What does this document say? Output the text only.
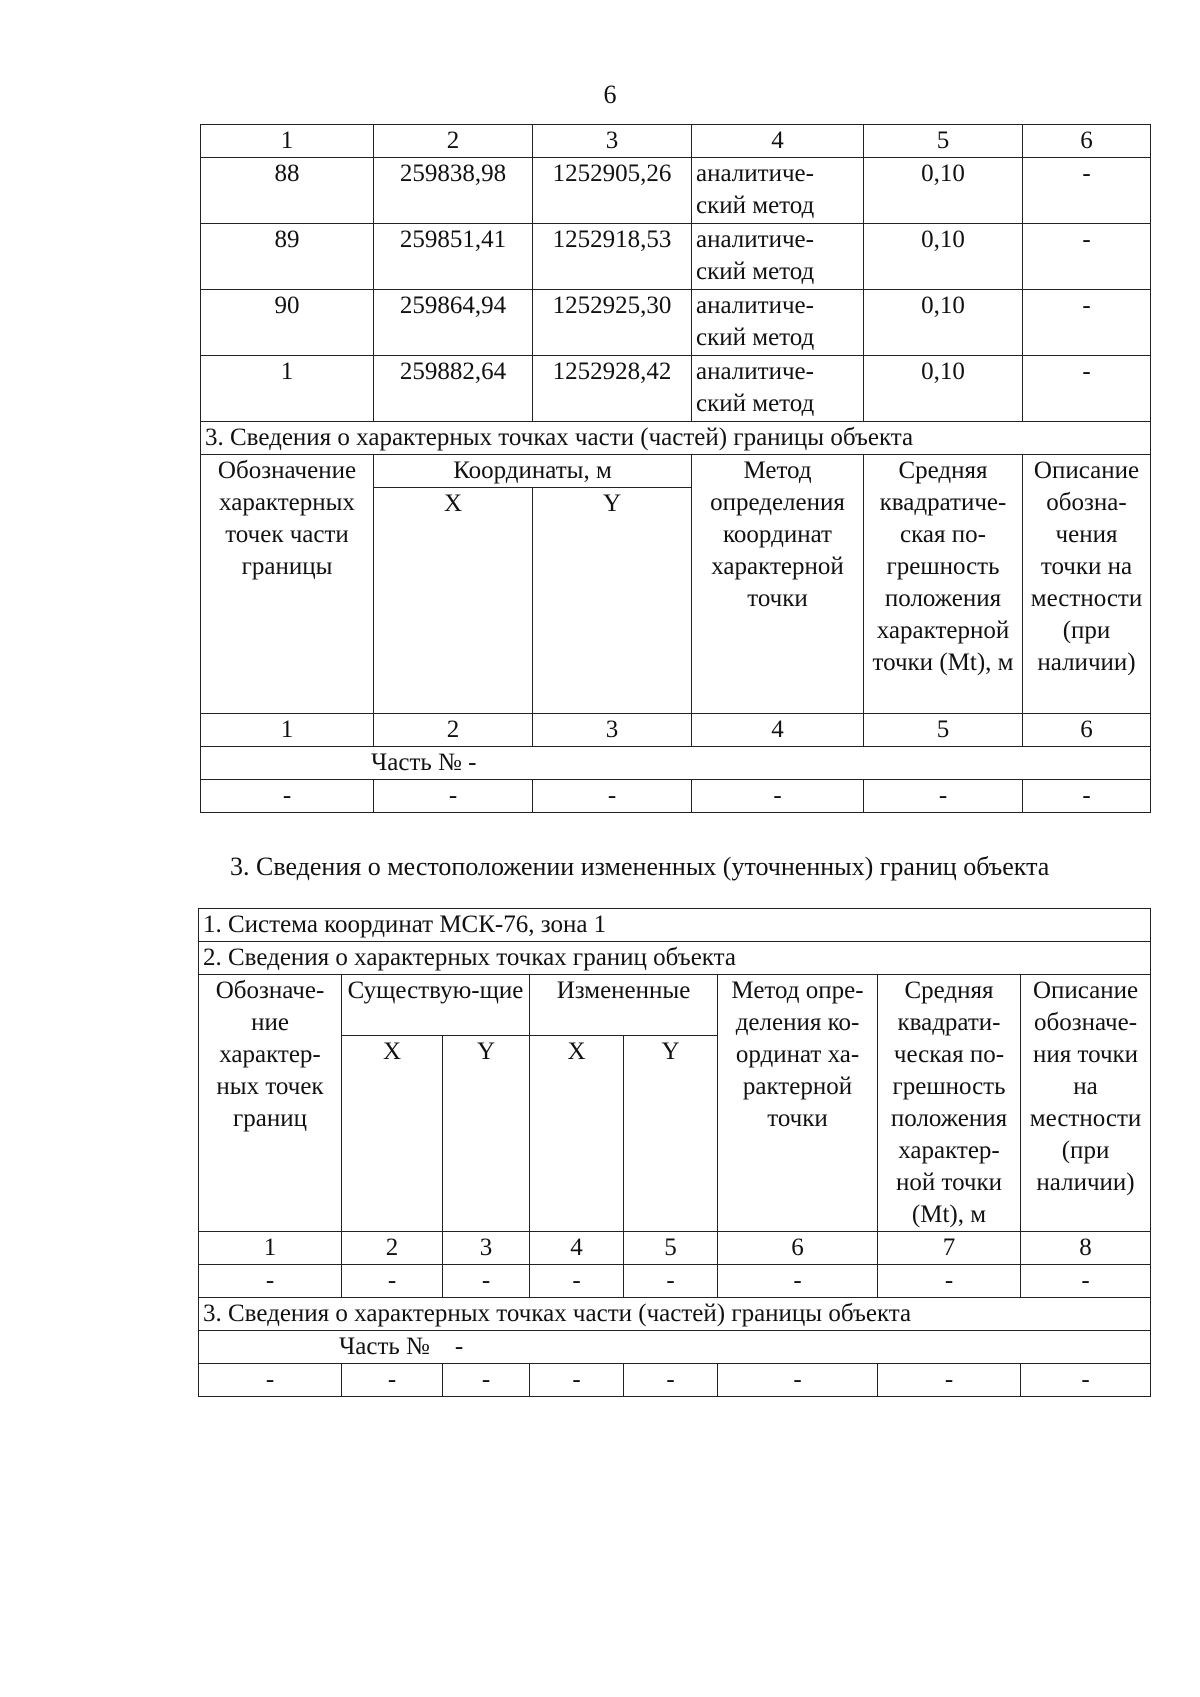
6
1	2	3	4	5	6
88	259838,98	1252905,26	аналитиче-ский метод	0,10	-
89	259851,41	1252918,53	аналитиче-ский метод	0,10	-
90	259864,94	1252925,30	аналитиче-ский метод	0,10	-
1	259882,64	1252928,42	аналитиче-ский метод	0,10	-
3. Сведения о характерных точках части (частей) границы объекта					
Обозначение характерных точек части границы	Координаты, м		Метод определения координат характерной точки	Средняя квадратиче-ская по-грешность положения характерной точки (Mt), м	Описание обозна-чения точки на местности (при наличии)
	X	Y			
1	2	3	4	5	6
Часть № -					
-	-	-	-	-	-
3. Сведения о местоположении измененных (уточненных) границ объекта
1. Система координат МСК-76, зона 1							
2. Сведения о характерных точках границ объекта							
Обозначе-ние характер-ных точек границ	Существую-щие		Измененные		Метод опре-деления ко-ординат ха-рактерной точки	Средняя квадрати-ческая по-грешность положения характер-ной точки (Mt), м	Описание обозначе-ния точки на местности (при наличии)
	X	Y	X	Y			
1	2	3	4	5	6	7	8
-	-	-	-	-	-	-	-
3. Сведения о характерных точках части (частей) границы объекта							
Часть №    -							
-	-	-	-	-	-	-	-
